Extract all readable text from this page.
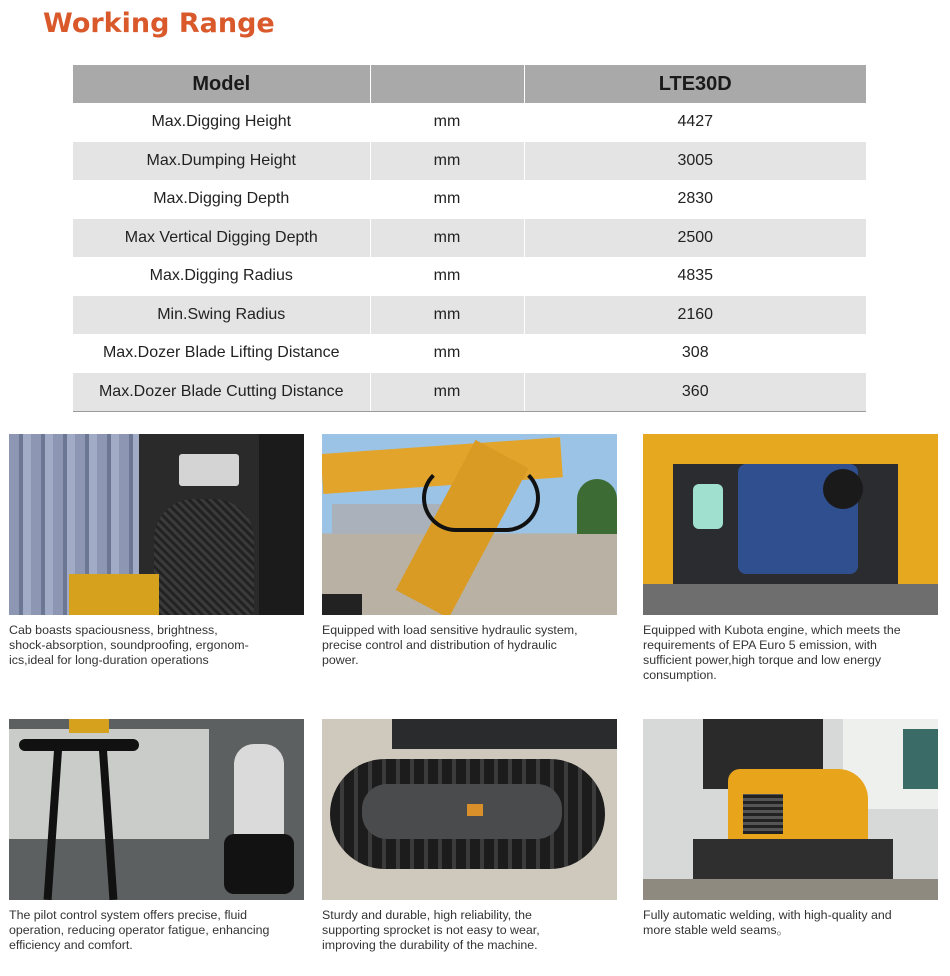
Working Range
Model		LTE30D
Max.Digging Height	mm	4427
Max.Dumping Height	mm	3005
Max.Digging Depth	mm	2830
Max Vertical Digging Depth	mm	2500
Max.Digging Radius	mm	4835
Min.Swing Radius	mm	2160
Max.Dozer Blade Lifting Distance	mm	308
Max.Dozer Blade Cutting Distance	mm	360
Cab boasts spaciousness, brightness,
shock-absorption, soundproofing, ergonom-
ics,ideal for long-duration operations
Equipped with load sensitive hydraulic system,
precise control and distribution of hydraulic
power.
Equipped with Kubota engine, which meets the
requirements of EPA Euro 5 emission, with
sufficient power,high torque and low energy
consumption.
The pilot control system offers precise, fluid
operation, reducing operator fatigue, enhancing
efficiency and comfort.
Sturdy and durable, high reliability, the
supporting sprocket is not easy to wear,
improving the durability of the machine.
Fully automatic welding, with high-quality and
more stable weld seams。
